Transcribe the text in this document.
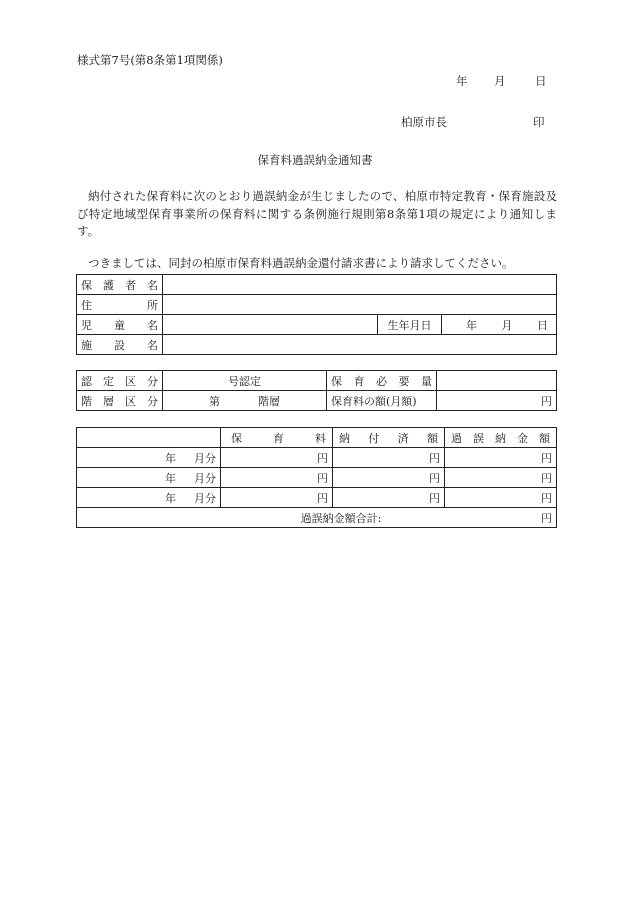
様式第7号(第8条第1項関係)
年	月	日
柏原市長	印
保育料過誤納金通知書
納付された保育料に次のとおり過誤納金が生じましたので、柏原市特定教育・保育施設及び特定地域型保育事業所の保育料に関する条例施行規則第8条第1項の規定により通知します。
つきましては、同封の柏原市保育料過誤納金還付請求書により請求してください。
保 護 者 名			

住 所			

児 童 名		生年月日	年 月 日

施 設 名			

認 定 区 分	号認定	保 育 必 要 量	

階 層 区 分	第 階層	保育料の額(月額)	円

	保 育 料	納 付 済 額	過 誤 納 金 額

年 月分	円	円	円
年 月分	円	円	円
年 月分	円	円	円

過誤納金額合計: 円			
